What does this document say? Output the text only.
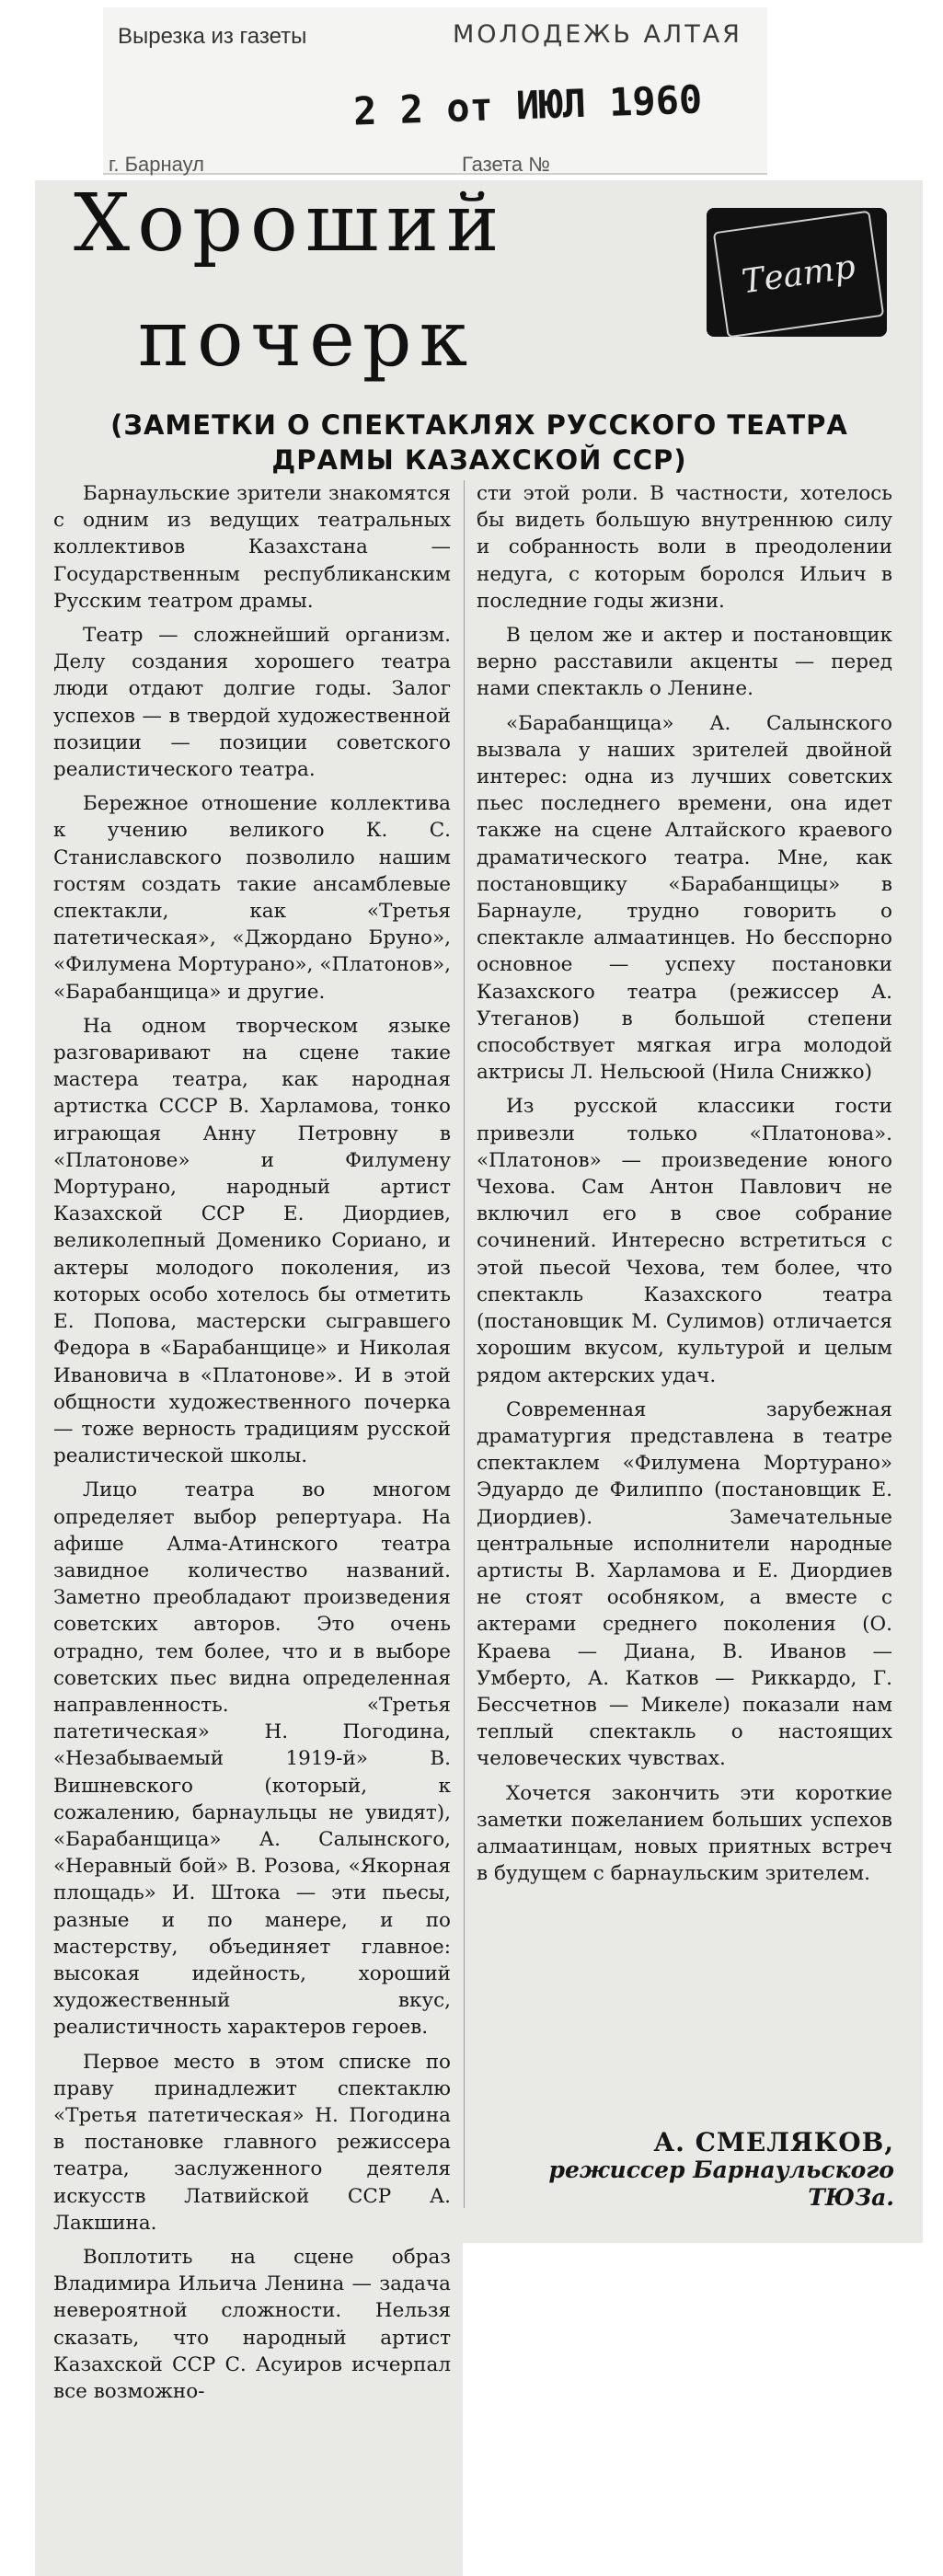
Вырезка из газеты	МОЛОДЕЖЬ АЛТАЯ
2 2 от ИЮЛ 1960
г. Барнаул	Газета №
Хороший
почерк
Театр
(ЗАМЕТКИ О СПЕКТАКЛЯХ РУССКОГО ТЕАТРА ДРАМЫ КАЗАХСКОЙ ССР)

Барнаульские зрители знакомятся с одним из ведущих театральных коллективов Казахстана — Государственным республиканским Русским театром драмы.

Театр — сложнейший организм. Делу создания хорошего театра люди отдают долгие годы. Залог успехов — в твердой художественной позиции — позиции советского реалистического театра.

Бережное отношение коллектива к учению великого К. С. Станиславского позволило нашим гостям создать такие ансамблевые спектакли, как «Третья патетическая», «Джордано Бруно», «Филумена Мортурано», «Платонов», «Барабанщица» и другие.

На одном творческом языке разговаривают на сцене такие мастера театра, как народная артистка СССР В. Харламова, тонко играющая Анну Петровну в «Платонове» и Филумену Мортурано, народный артист Казахской ССР Е. Диордиев, великолепный Доменико Сориано, и актеры молодого поколения, из которых особо хотелось бы отметить Е. Попова, мастерски сыгравшего Федора в «Барабанщице» и Николая Ивановича в «Платонове». И в этой общности художественного почерка — тоже верность традициям русской реалистической школы.

Лицо театра во многом определяет выбор репертуара. На афише Алма-Атинского театра завидное количество названий. Заметно преобладают произведения советских авторов. Это очень отрадно, тем более, что и в выборе советских пьес видна определенная направленность. «Третья патетическая» Н. Погодина, «Незабываемый 1919-й» В. Вишневского (который, к сожалению, барнаульцы не увидят), «Барабанщица» А. Салынского, «Неравный бой» В. Розова, «Якорная площадь» И. Штока — эти пьесы, разные и по манере, и по мастерству, объединяет главное: высокая идейность, хороший художественный вкус, реалистичность характеров героев.

Первое место в этом списке по праву принадлежит спектаклю «Третья патетическая» Н. Погодина в постановке главного режиссера театра, заслуженного деятеля искусств Латвийской ССР А. Лакшина.

Воплотить на сцене образ Владимира Ильича Ленина — задача невероятной сложности. Нельзя сказать, что народный артист Казахской ССР С. Асуиров исчерпал все возможно-

сти этой роли. В частности, хотелось бы видеть большую внутреннюю силу и собранность воли в преодолении недуга, с которым боролся Ильич в последние годы жизни.

В целом же и актер и постановщик верно расставили акценты — перед нами спектакль о Ленине.

«Барабанщица» А. Салынского вызвала у наших зрителей двойной интерес: одна из лучших советских пьес последнего времени, она идет также на сцене Алтайского краевого драматического театра. Мне, как постановщику «Барабанщицы» в Барнауле, трудно говорить о спектакле алмаатинцев. Но бесспорно основное — успеху постановки Казахского театра (режиссер А. Утеганов) в большой степени способствует мягкая игра молодой актрисы Л. Нельсюой (Нила Снижко)

Из русской классики гости привезли только «Платонова». «Платонов» — произведение юного Чехова. Сам Антон Павлович не включил его в свое собрание сочинений. Интересно встретиться с этой пьесой Чехова, тем более, что спектакль Казахского театра (постановщик М. Сулимов) отличается хорошим вкусом, культурой и целым рядом актерских удач.

Современная зарубежная драматургия представлена в театре спектаклем «Филумена Мортурано» Эдуардо де Филиппо (постановщик Е. Диордиев). Замечательные центральные исполнители народные артисты В. Харламова и Е. Диордиев не стоят особняком, а вместе с актерами среднего поколения (О. Краева — Диана, В. Иванов — Умберто, А. Катков — Риккардо, Г. Бессчетнов — Микеле) показали нам теплый спектакль о настоящих человеческих чувствах.

Хочется закончить эти короткие заметки пожеланием больших успехов алмаатинцам, новых приятных встреч в будущем с барнаульским зрителем.

А. СМЕЛЯКОВ,
режиссер Барнаульского ТЮЗа.
